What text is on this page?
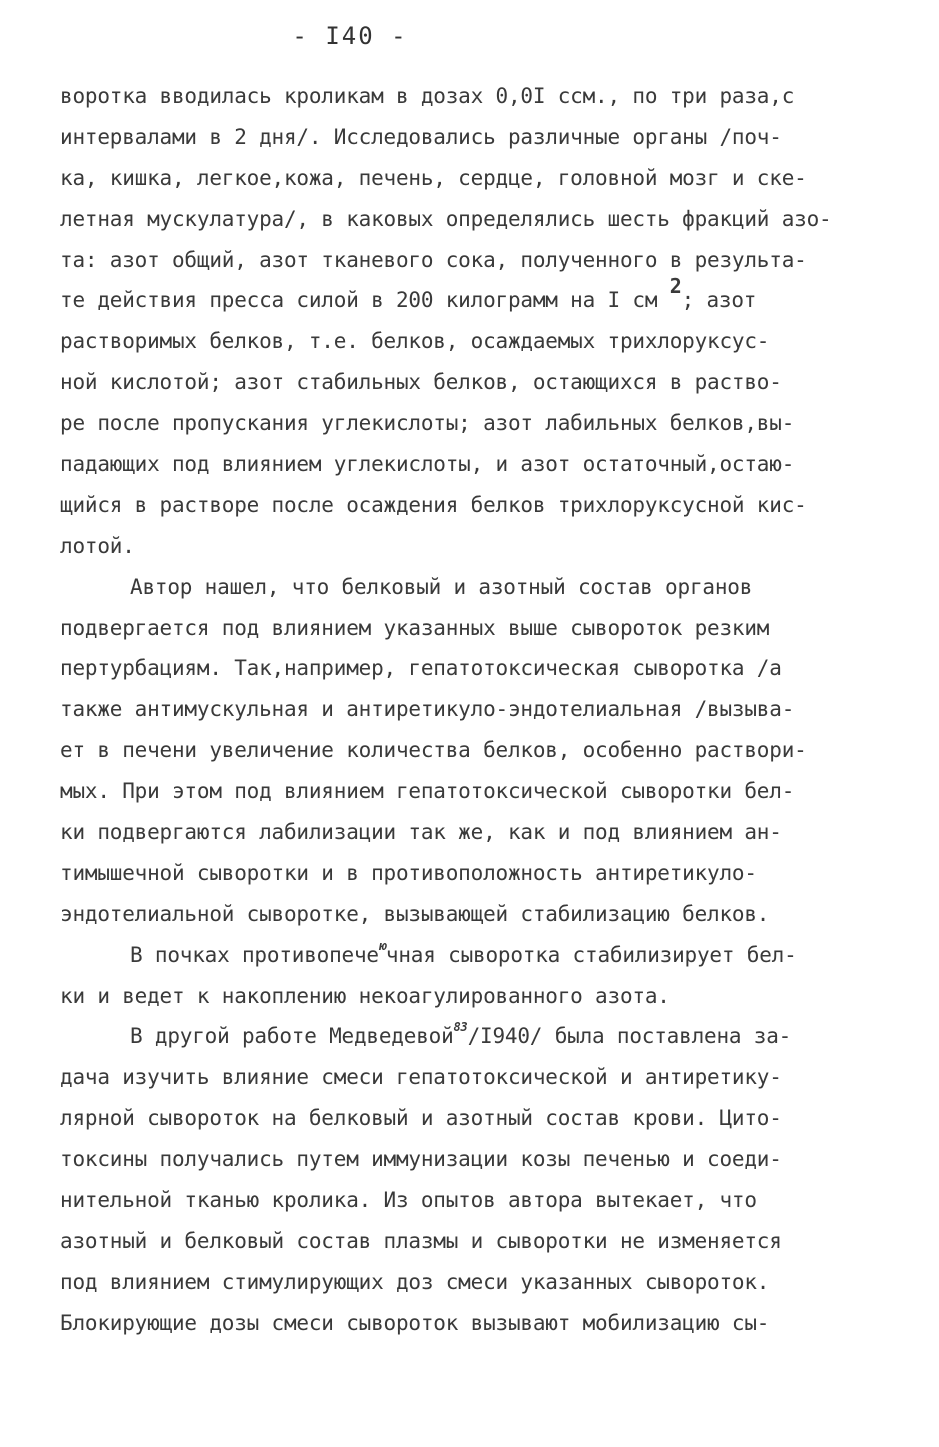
- I40 -
воротка вводилась кроликам в дозах 0,0I ccм., по три раза,с
интервалами в 2 дня/. Исследовались различные органы /поч-
ка, кишка, легкое,кожа, печень, сердце, головной мозг и ске-
летная мускулатура/, в каковых определялись шесть фракций азо-
та: азот общий, азот тканевого сока, полученного в результа-
те действия пресса силой в 200 килограмм на I см 2; азот
растворимых белков, т.е. белков, осаждаемых трихлоруксус-
ной кислотой; азот стабильных белков, остающихся в раство-
ре после пропускания углекислоты; азот лабильных белков,вы-
падающих под влиянием углекислоты, и азот остаточный,остаю-
щийся в растворе после осаждения белков трихлоруксусной кис-
лотой.
Автор нашел, что белковый и азотный состав органов
подвергается под влиянием указанных выше сывороток резким
пертурбациям. Так,например, гепатотоксическая сыворотка /а
также антимускульная и антиретикуло-эндотелиальная /вызыва-
ет в печени увеличение количества белков, особенно раствори-
мых. При этом под влиянием гепатотоксической сыворотки бел-
ки подвергаются лабилизации так же, как и под влиянием ан-
тимышечной сыворотки и в противоположность антиретикуло-
эндотелиальной сыворотке, вызывающей стабилизацию белков.
В почках противопече$^ю$чная сыворотка стабилизирует бел-
ки и ведет к накоплению некоагулированного азота.
В другой работе Медведевой$^{83}$/I940/ была поставлена за-
дача изучить влияние смеси гепатотоксической и антиретику-
лярной сывороток на белковый и азотный состав крови. Цито-
токсины получались путем иммунизации козы печенью и соеди-
нительной тканью кролика. Из опытов автора вытекает, что
азотный и белковый состав плазмы и сыворотки не изменяется
под влиянием стимулирующих доз смеси указанных сывороток.
Блокирующие дозы смеси сывороток вызывают мобилизацию сы-
